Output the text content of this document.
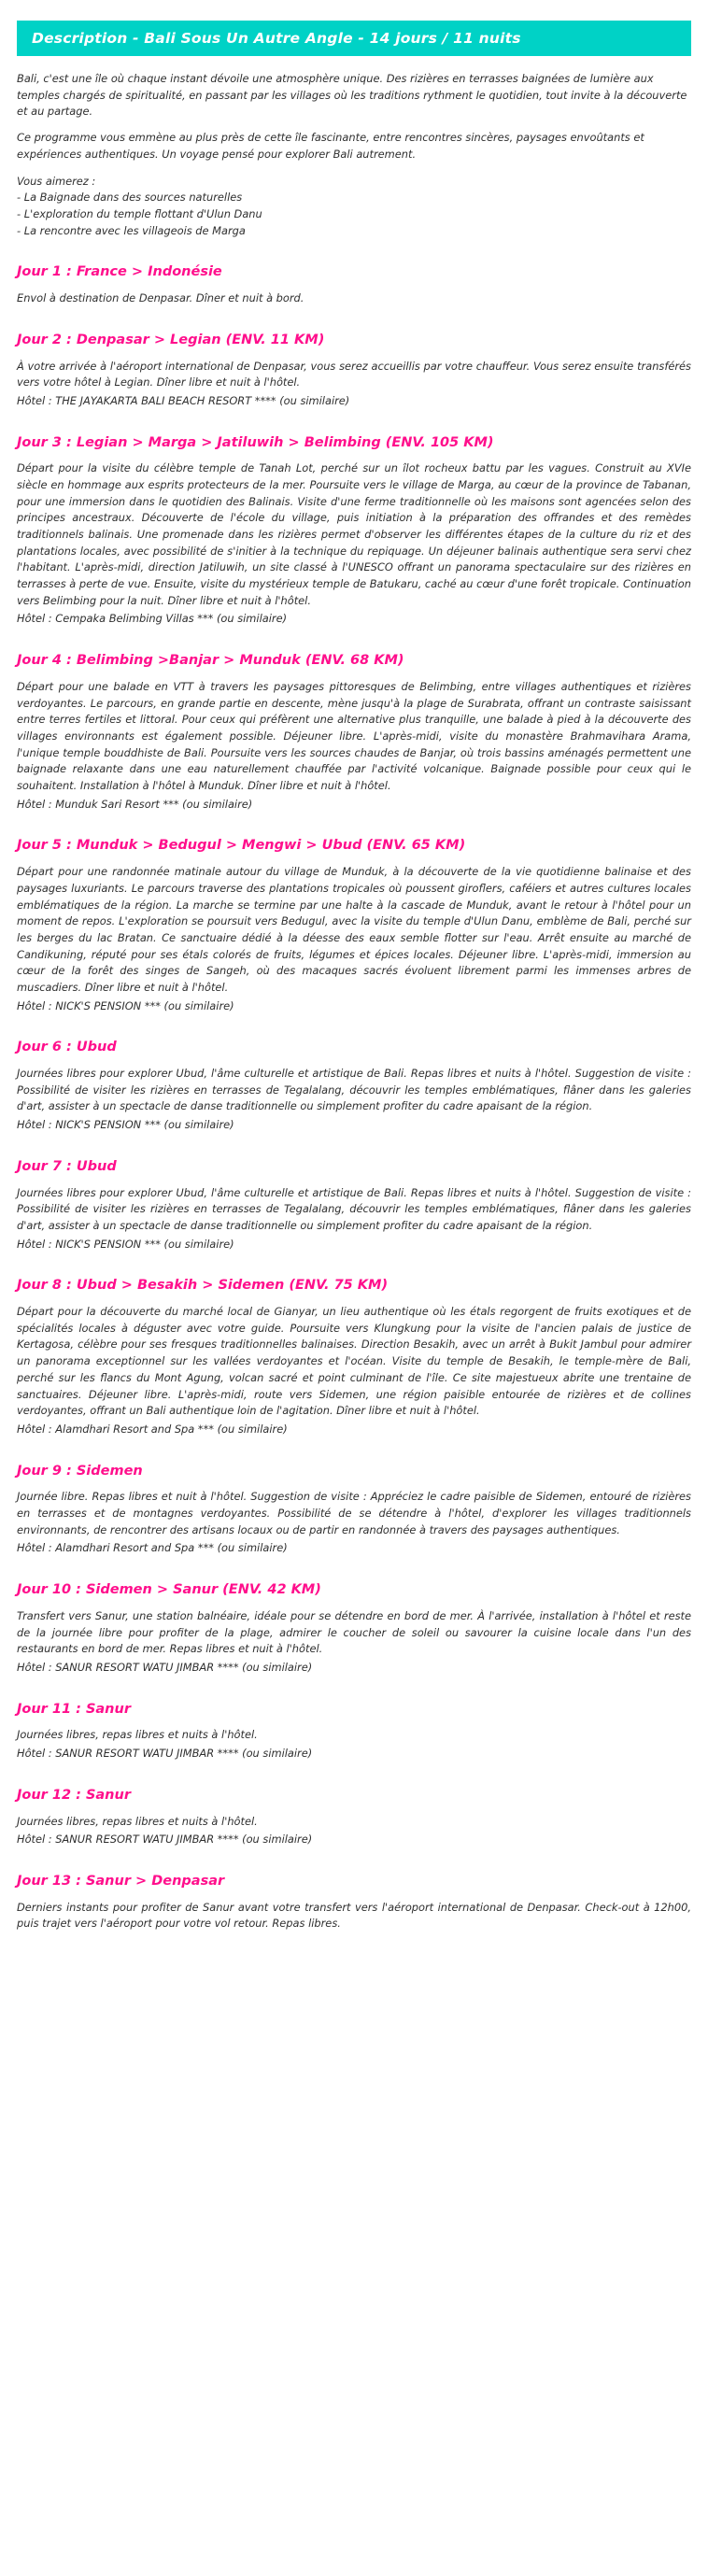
Description - Bali Sous Un Autre Angle - 14 jours / 11 nuits

Bali, c'est une île où chaque instant dévoile une atmosphère unique. Des rizières en terrasses baignées de lumière aux temples chargés de spiritualité, en passant par les villages où les traditions rythment le quotidien, tout invite à la découverte et au partage.

Ce programme vous emmène au plus près de cette île fascinante, entre rencontres sincères, paysages envoûtants et expériences authentiques. Un voyage pensé pour explorer Bali autrement.

Vous aimerez :
- La Baignade dans des sources naturelles
- L'exploration du temple flottant d'Ulun Danu
- La rencontre avec les villageois de Marga
Jour 1 : France > Indonésie

Envol à destination de Denpasar. Dîner et nuit à bord.

Jour 2 : Denpasar > Legian (ENV. 11 KM)

À votre arrivée à l'aéroport international de Denpasar, vous serez accueillis par votre chauffeur. Vous serez ensuite transférés vers votre hôtel à Legian. Dîner libre et nuit à l'hôtel.

Hôtel : THE JAYAKARTA BALI BEACH RESORT **** (ou similaire)
Jour 3 : Legian > Marga > Jatiluwih > Belimbing (ENV. 105 KM)

Départ pour la visite du célèbre temple de Tanah Lot, perché sur un îlot rocheux battu par les vagues. Construit au XVIe siècle en hommage aux esprits protecteurs de la mer. Poursuite vers le village de Marga, au cœur de la province de Tabanan, pour une immersion dans le quotidien des Balinais. Visite d'une ferme traditionnelle où les maisons sont agencées selon des principes ancestraux. Découverte de l'école du village, puis initiation à la préparation des offrandes et des remèdes traditionnels balinais. Une promenade dans les rizières permet d'observer les différentes étapes de la culture du riz et des plantations locales, avec possibilité de s'initier à la technique du repiquage. Un déjeuner balinais authentique sera servi chez l'habitant. L'après-midi, direction Jatiluwih, un site classé à l'UNESCO offrant un panorama spectaculaire sur des rizières en terrasses à perte de vue. Ensuite, visite du mystérieux temple de Batukaru, caché au cœur d'une forêt tropicale. Continuation vers Belimbing pour la nuit. Dîner libre et nuit à l'hôtel.

Hôtel : Cempaka Belimbing Villas *** (ou similaire)
Jour 4 : Belimbing >Banjar > Munduk (ENV. 68 KM)

Départ pour une balade en VTT à travers les paysages pittoresques de Belimbing, entre villages authentiques et rizières verdoyantes. Le parcours, en grande partie en descente, mène jusqu'à la plage de Surabrata, offrant un contraste saisissant entre terres fertiles et littoral. Pour ceux qui préfèrent une alternative plus tranquille, une balade à pied à la découverte des villages environnants est également possible. Déjeuner libre. L'après-midi, visite du monastère Brahmavihara Arama, l'unique temple bouddhiste de Bali. Poursuite vers les sources chaudes de Banjar, où trois bassins aménagés permettent une baignade relaxante dans une eau naturellement chauffée par l'activité volcanique. Baignade possible pour ceux qui le souhaitent. Installation à l'hôtel à Munduk. Dîner libre et nuit à l'hôtel.

Hôtel : Munduk Sari Resort *** (ou similaire)
Jour 5 : Munduk > Bedugul > Mengwi > Ubud (ENV. 65 KM)

Départ pour une randonnée matinale autour du village de Munduk, à la découverte de la vie quotidienne balinaise et des paysages luxuriants. Le parcours traverse des plantations tropicales où poussent giroflers, caféiers et autres cultures locales emblématiques de la région. La marche se termine par une halte à la cascade de Munduk, avant le retour à l'hôtel pour un moment de repos. L'exploration se poursuit vers Bedugul, avec la visite du temple d'Ulun Danu, emblème de Bali, perché sur les berges du lac Bratan. Ce sanctuaire dédié à la déesse des eaux semble flotter sur l'eau. Arrêt ensuite au marché de Candikuning, réputé pour ses étals colorés de fruits, légumes et épices locales. Déjeuner libre. L'après-midi, immersion au cœur de la forêt des singes de Sangeh, où des macaques sacrés évoluent librement parmi les immenses arbres de muscadiers. Dîner libre et nuit à l'hôtel.

Hôtel : NICK'S PENSION *** (ou similaire)
Jour 6 : Ubud

Journées libres pour explorer Ubud, l'âme culturelle et artistique de Bali. Repas libres et nuits à l'hôtel. Suggestion de visite : Possibilité de visiter les rizières en terrasses de Tegalalang, découvrir les temples emblématiques, flâner dans les galeries d'art, assister à un spectacle de danse traditionnelle ou simplement profiter du cadre apaisant de la région.

Hôtel : NICK'S PENSION *** (ou similaire)
Jour 7 : Ubud

Journées libres pour explorer Ubud, l'âme culturelle et artistique de Bali. Repas libres et nuits à l'hôtel. Suggestion de visite : Possibilité de visiter les rizières en terrasses de Tegalalang, découvrir les temples emblématiques, flâner dans les galeries d'art, assister à un spectacle de danse traditionnelle ou simplement profiter du cadre apaisant de la région.

Hôtel : NICK'S PENSION *** (ou similaire)
Jour 8 : Ubud > Besakih > Sidemen (ENV. 75 KM)

Départ pour la découverte du marché local de Gianyar, un lieu authentique où les étals regorgent de fruits exotiques et de spécialités locales à déguster avec votre guide. Poursuite vers Klungkung pour la visite de l'ancien palais de justice de Kertagosa, célèbre pour ses fresques traditionnelles balinaises. Direction Besakih, avec un arrêt à Bukit Jambul pour admirer un panorama exceptionnel sur les vallées verdoyantes et l'océan. Visite du temple de Besakih, le temple-mère de Bali, perché sur les flancs du Mont Agung, volcan sacré et point culminant de l'île. Ce site majestueux abrite une trentaine de sanctuaires. Déjeuner libre. L'après-midi, route vers Sidemen, une région paisible entourée de rizières et de collines verdoyantes, offrant un Bali authentique loin de l'agitation. Dîner libre et nuit à l'hôtel.

Hôtel : Alamdhari Resort and Spa *** (ou similaire)
Jour 9 : Sidemen

Journée libre. Repas libres et nuit à l'hôtel. Suggestion de visite : Appréciez le cadre paisible de Sidemen, entouré de rizières en terrasses et de montagnes verdoyantes. Possibilité de se détendre à l'hôtel, d'explorer les villages traditionnels environnants, de rencontrer des artisans locaux ou de partir en randonnée à travers des paysages authentiques.

Hôtel : Alamdhari Resort and Spa *** (ou similaire)
Jour 10 : Sidemen > Sanur (ENV. 42 KM)

Transfert vers Sanur, une station balnéaire, idéale pour se détendre en bord de mer. À l'arrivée, installation à l'hôtel et reste de la journée libre pour profiter de la plage, admirer le coucher de soleil ou savourer la cuisine locale dans l'un des restaurants en bord de mer. Repas libres et nuit à l'hôtel.

Hôtel : SANUR RESORT WATU JIMBAR **** (ou similaire)
Jour 11 : Sanur

Journées libres, repas libres et nuits à l'hôtel.

Hôtel : SANUR RESORT WATU JIMBAR **** (ou similaire)
Jour 12 : Sanur

Journées libres, repas libres et nuits à l'hôtel.

Hôtel : SANUR RESORT WATU JIMBAR **** (ou similaire)
Jour 13 : Sanur > Denpasar

Derniers instants pour profiter de Sanur avant votre transfert vers l'aéroport international de Denpasar. Check-out à 12h00, puis trajet vers l'aéroport pour votre vol retour. Repas libres.
